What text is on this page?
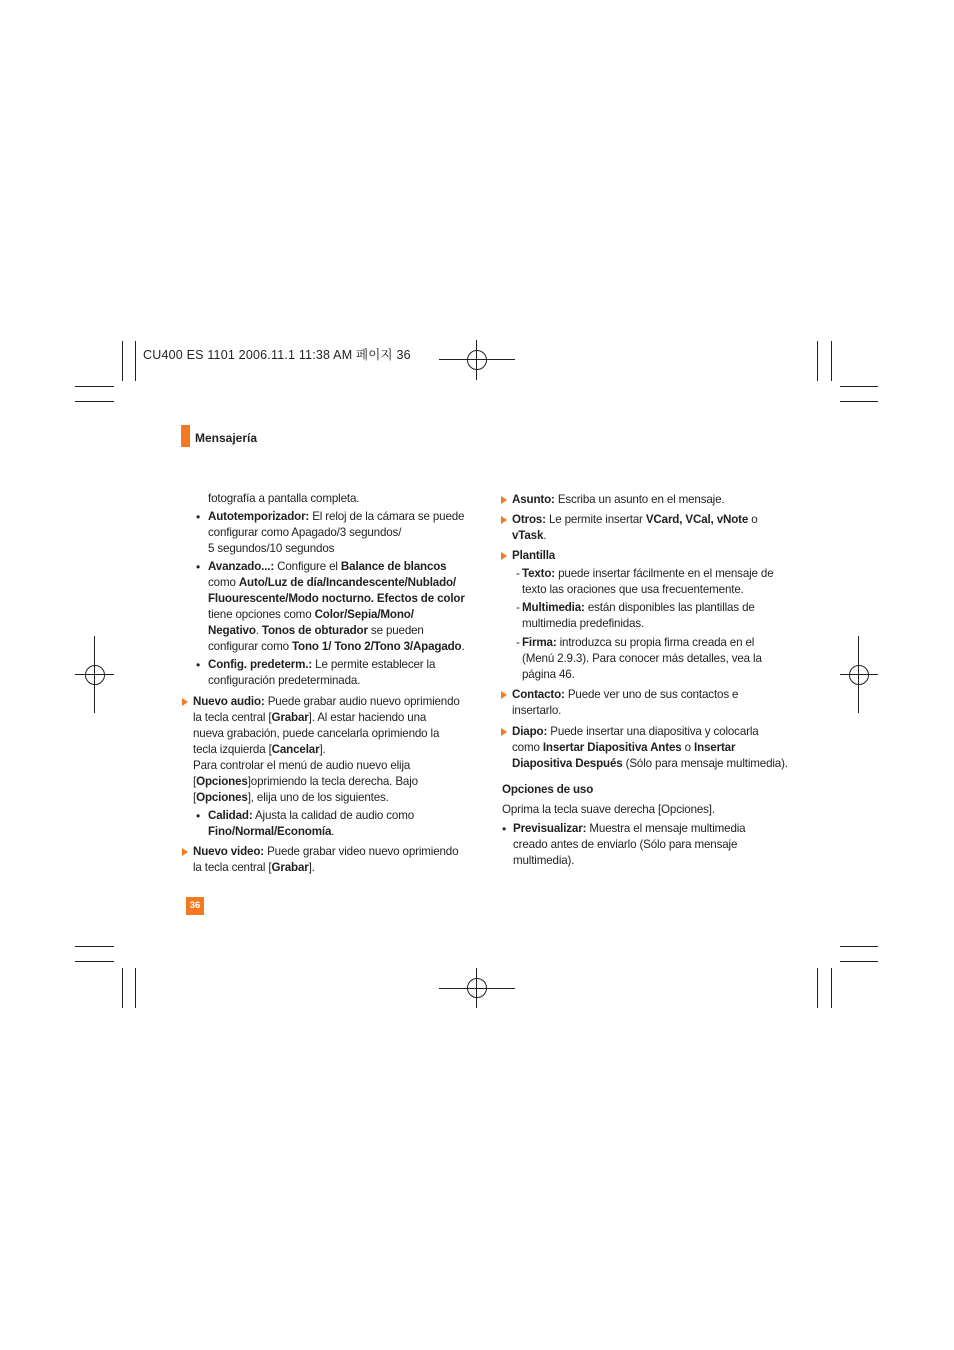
CU400 ES 1101 2006.11.1 11:38 AM 페이지 36
Mensajería

fotografía a pantalla completa.

• Autotemporizador: El reloj de la cámara se puede

configurar como Apagado/3 segundos/

5 segundos/10 segundos

• Avanzado...: Configure el Balance de blancos

como Auto/Luz de día/Incandescente/Nublado/

Fluourescente/Modo nocturno. Efectos de color

tiene opciones como Color/Sepia/Mono/

Negativo. Tonos de obturador se pueden

configurar como Tono 1/ Tono 2/Tono 3/Apagado.

• Config. predeterm.: Le permite establecer la

configuración predeterminada.

Nuevo audio: Puede grabar audio nuevo oprimiendo

la tecla central [Grabar]. Al estar haciendo una

nueva grabación, puede cancelarla oprimiendo la

tecla izquierda [Cancelar].

Para controlar el menú de audio nuevo elija

[Opciones]oprimiendo la tecla derecha. Bajo

[Opciones], elija uno de los siguientes.

• Calidad: Ajusta la calidad de audio como

Fino/Normal/Economía.

Nuevo video: Puede grabar video nuevo oprimiendo

la tecla central [Grabar].

Asunto: Escriba un asunto en el mensaje.

Otros: Le permite insertar VCard, VCal, vNote o

vTask.

Plantilla

- Texto: puede insertar fácilmente en el mensaje de

texto las oraciones que usa frecuentemente.

- Multimedia: están disponibles las plantillas de

multimedia predefinidas.

- Firma: introduzca su propia firma creada en el

(Menú 2.9.3). Para conocer más detalles, vea la

página 46.

Contacto: Puede ver uno de sus contactos e

insertarlo.

Diapo: Puede insertar una diapositiva y colocarla

como Insertar Diapositiva Antes o Insertar

Diapositiva Después (Sólo para mensaje multimedia).

Opciones de uso

Oprima la tecla suave derecha [Opciones].

• Previsualizar: Muestra el mensaje multimedia

creado antes de enviarlo (Sólo para mensaje

multimedia).

36
